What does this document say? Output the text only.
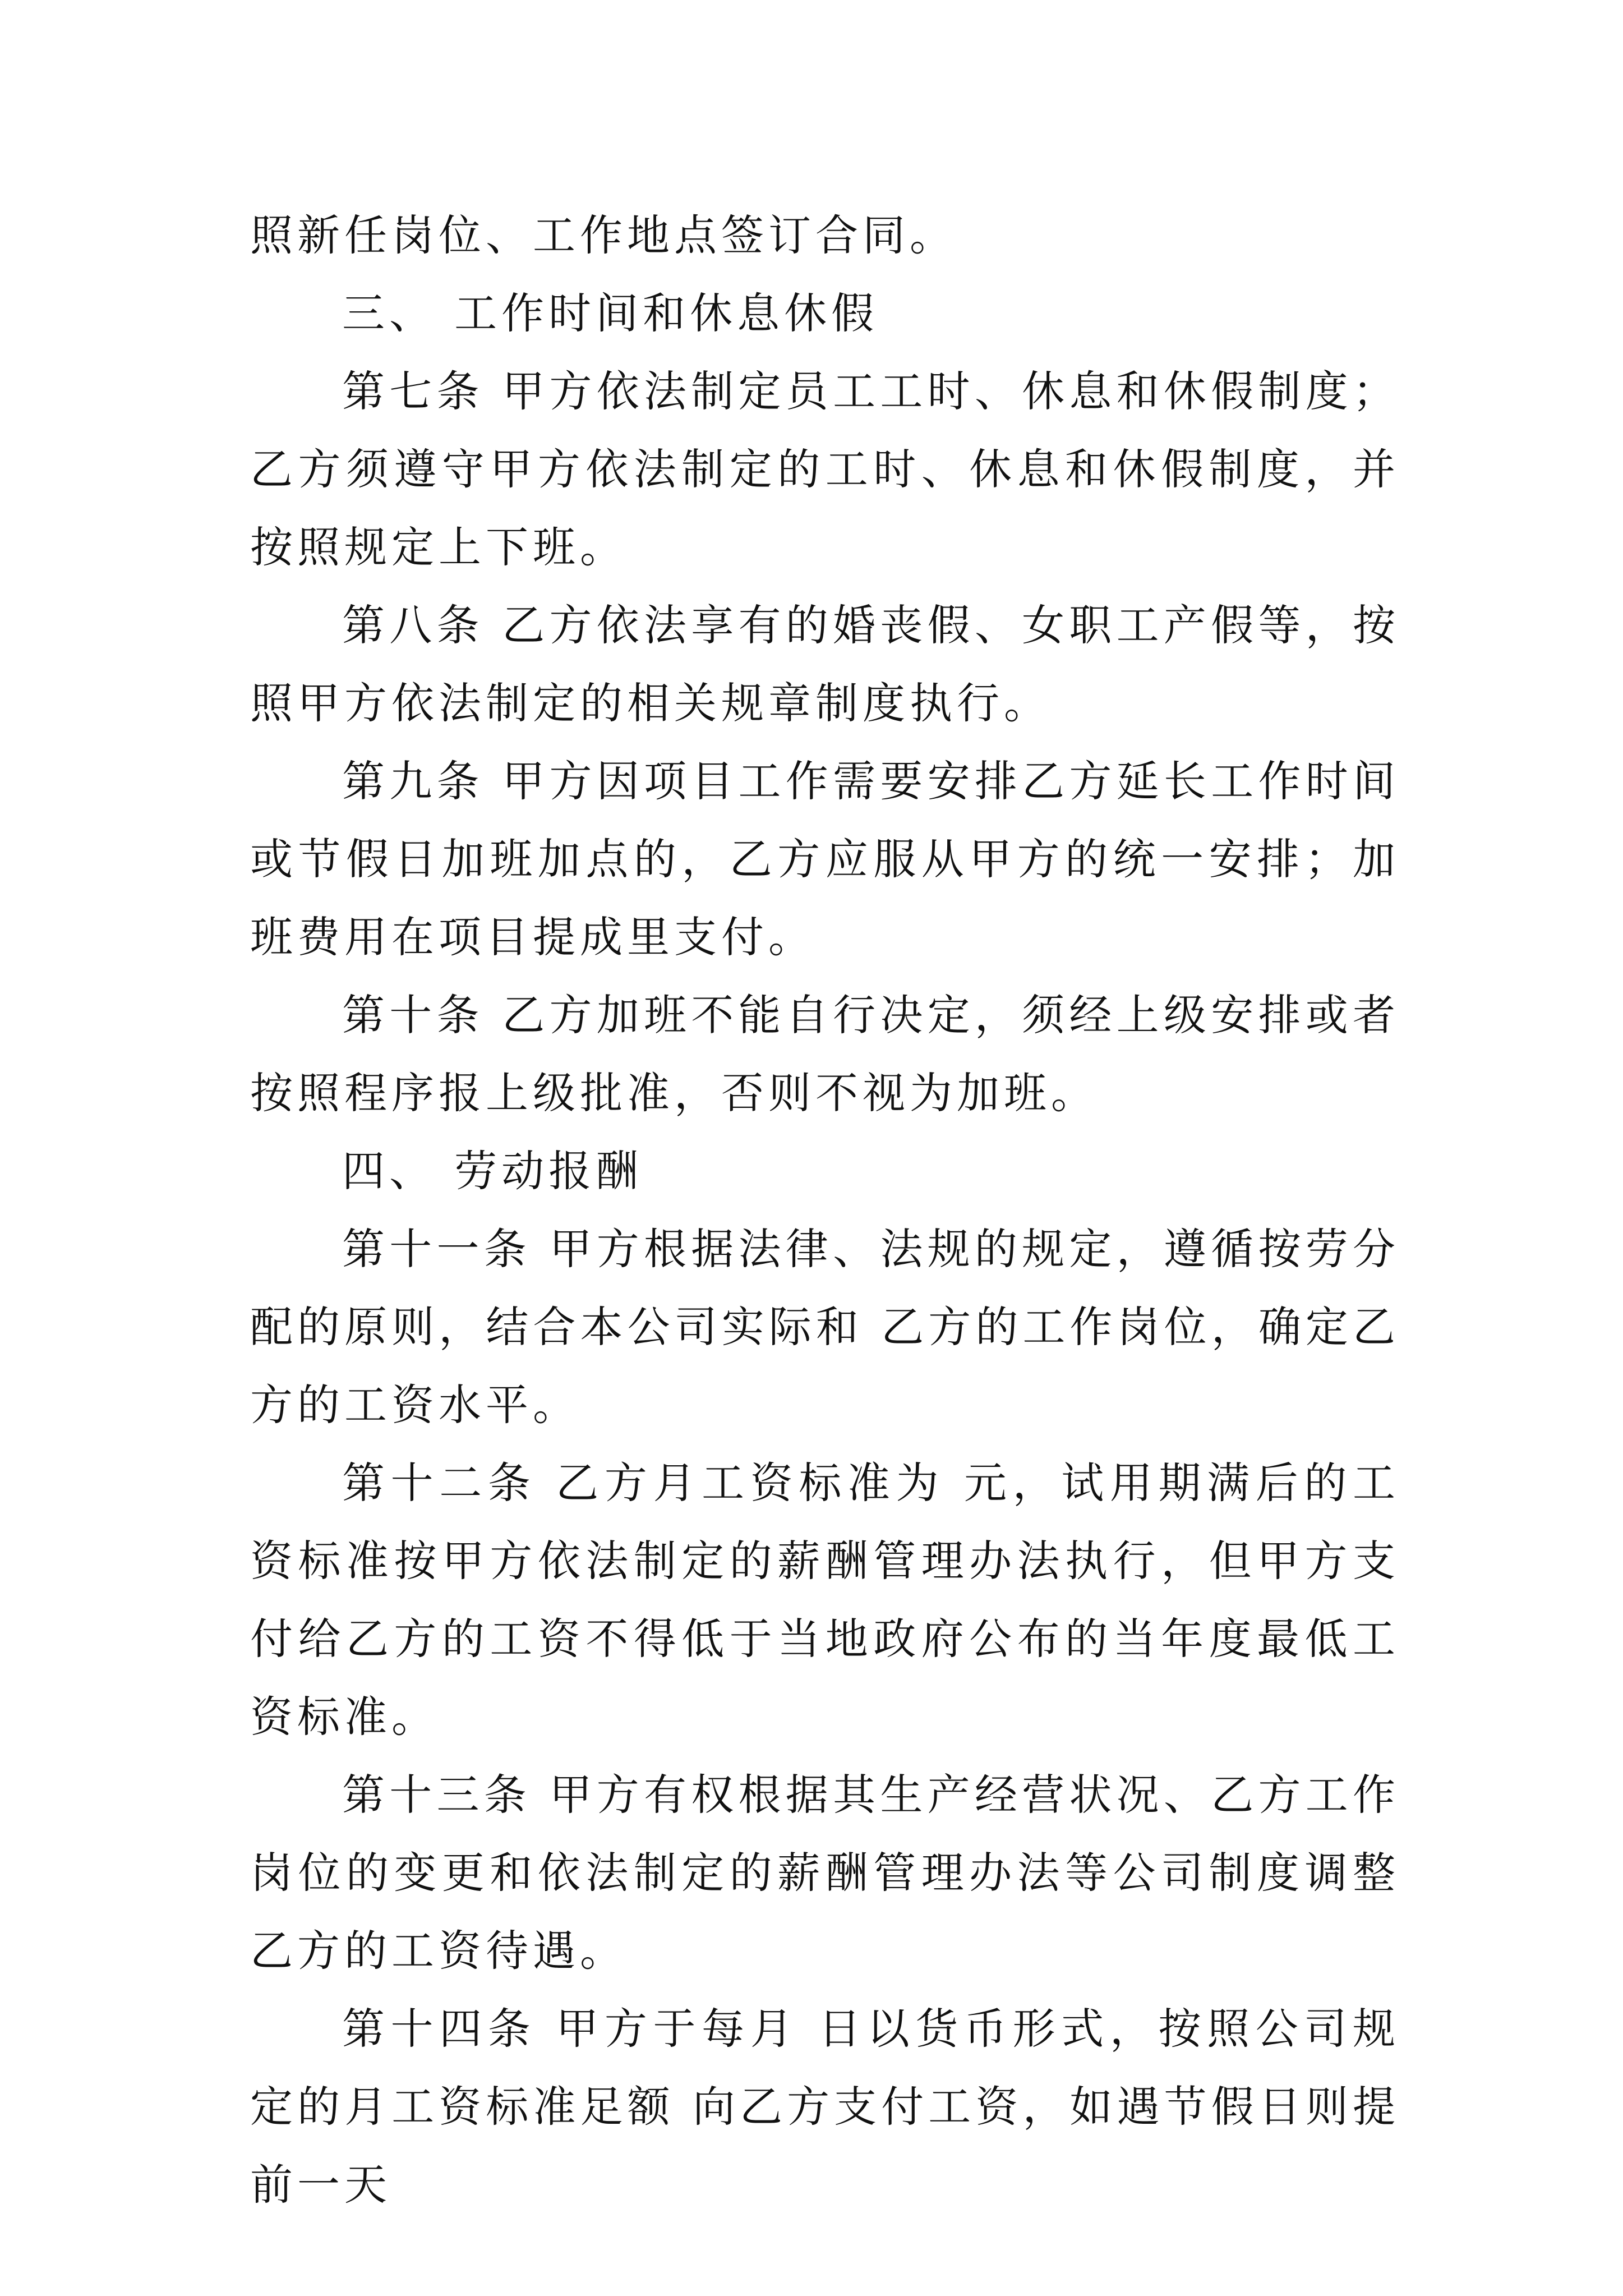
照新任岗位、工作地点签订合同。

三、 工作时间和休息休假

第七条 甲方依法制定员工工时、休息和休假制度；乙方须遵守甲方依法制定的工时、休息和休假制度，并按照规定上下班。

第八条 乙方依法享有的婚丧假、女职工产假等，按照甲方依法制定的相关规章制度执行。

第九条 甲方因项目工作需要安排乙方延长工作时间或节假日加班加点的，乙方应服从甲方的统一安排；加班费用在项目提成里支付。

第十条 乙方加班不能自行决定，须经上级安排或者按照程序报上级批准，否则不视为加班。

四、 劳动报酬

第十一条 甲方根据法律、法规的规定，遵循按劳分配的原则，结合本公司实际和 乙方的工作岗位，确定乙方的工资水平。

第十二条 乙方月工资标准为 元，试用期满后的工资标准按甲方依法制定的薪酬管理办法执行，但甲方支付给乙方的工资不得低于当地政府公布的当年度最低工资标准。

第十三条 甲方有权根据其生产经营状况、乙方工作岗位的变更和依法制定的薪酬管理办法等公司制度调整乙方的工资待遇。

第十四条 甲方于每月 日以货币形式，按照公司规定的月工资标准足额 向乙方支付工资，如遇节假日则提前一天
